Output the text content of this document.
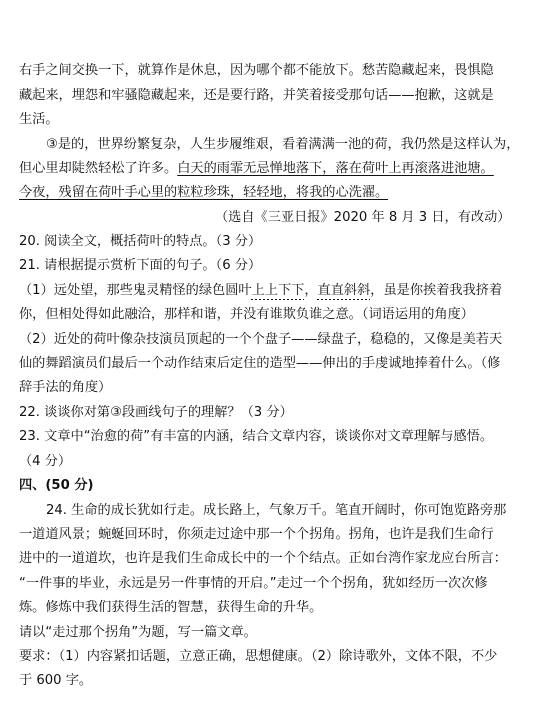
右手之间交换一下，就算作是休息，因为哪个都不能放下。愁苦隐藏起来，畏惧隐
藏起来，埋怨和牢骚隐藏起来，还是要行路，并笑着接受那句话——抱歉，这就是
生活。
③是的，世界纷繁复杂，人生步履维艰，看着满满一池的荷，我仍然是这样认为，
但心里却陡然轻松了许多。白天的雨霏无忌惮地落下，落在荷叶上再滚落进池塘。
今夜，残留在荷叶手心里的粒粒珍珠，轻轻地，将我的心洗濯。
（选自《三亚日报》2020 年 8 月 3 日，有改动）
20. 阅读全文，概括荷叶的特点。（3 分）
21. 请根据提示赏析下面的句子。（6 分）
（1）远处望，那些鬼灵精怪的绿色圆叶上上下下，直直斜斜，虽是你挨着我我挤着
你，但相处得如此融洽，那样和谐，并没有谁欺负谁之意。（词语运用的角度）
（2）近处的荷叶像杂技演员顶起的一个个盘子——绿盘子，稳稳的，又像是美若天
仙的舞蹈演员们最后一个动作结束后定住的造型——伸出的手虔诚地捧着什么。（修
辞手法的角度）
22. 谈谈你对第③段画线句子的理解？（3 分）
23. 文章中“治愈的荷”有丰富的内涵，结合文章内容，谈谈你对文章理解与感悟。
（4 分）
四、(50 分)
24. 生命的成长犹如行走。成长路上，气象万千。笔直开阔时，你可饱览路旁那
一道道风景；蜿蜒回环时，你须走过途中那一个个拐角。拐角，也许是我们生命行
进中的一道道坎，也许是我们生命成长中的一个个结点。正如台湾作家龙应台所言：
“一件事的毕业，永远是另一件事情的开启。”走过一个个拐角，犹如经历一次次修
炼。修炼中我们获得生活的智慧，获得生命的升华。
请以“走过那个拐角”为题，写一篇文章。
要求：（1）内容紧扣话题，立意正确，思想健康。（2）除诗歌外，文体不限，不少
于 600 字。
